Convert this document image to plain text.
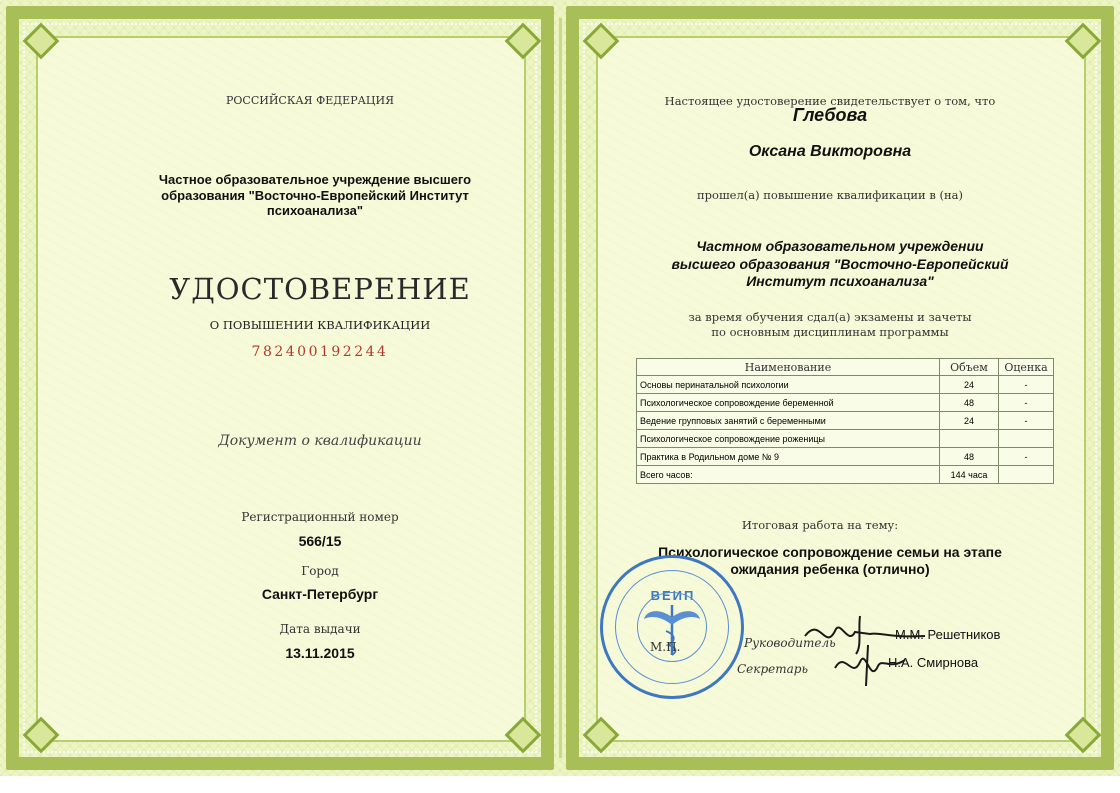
РОССИЙСКАЯ ФЕДЕРАЦИЯ
Частное образовательное учреждение высшего
образования "Восточно-Европейский Институт
психоанализа"
УДОСТОВЕРЕНИЕ
О ПОВЫШЕНИИ КВАЛИФИКАЦИИ
782400192244
Документ о квалификации
Регистрационный номер
566/15
Город
Санкт-Петербург
Дата выдачи
13.11.2015
Настоящее удостоверение свидетельствует о том, что
Глебова
Оксана Викторовна
прошел(а) повышение квалификации в (на)
Частном образовательном учреждении
высшего образования "Восточно-Европейский
Институт психоанализа"
за время обучения сдал(а) экзамены и зачеты
по основным дисциплинам программы
Наименование	Объем	Оценка
Основы перинатальной психологии	24	-
Психологическое сопровождение беременной	48	-
Ведение групповых занятий с беременными	24	-
Психологическое сопровождение роженицы		
Практика в Родильном доме № 9	48	-
Всего часов:	144 часа	
Итоговая работа на тему:
Психологическое сопровождение семьи на этапе
ожидания ребенка (отлично)
ВЕИП
М.П.	Руководитель
М.М. Решетников
Секретарь	Н.А. Смирнова
